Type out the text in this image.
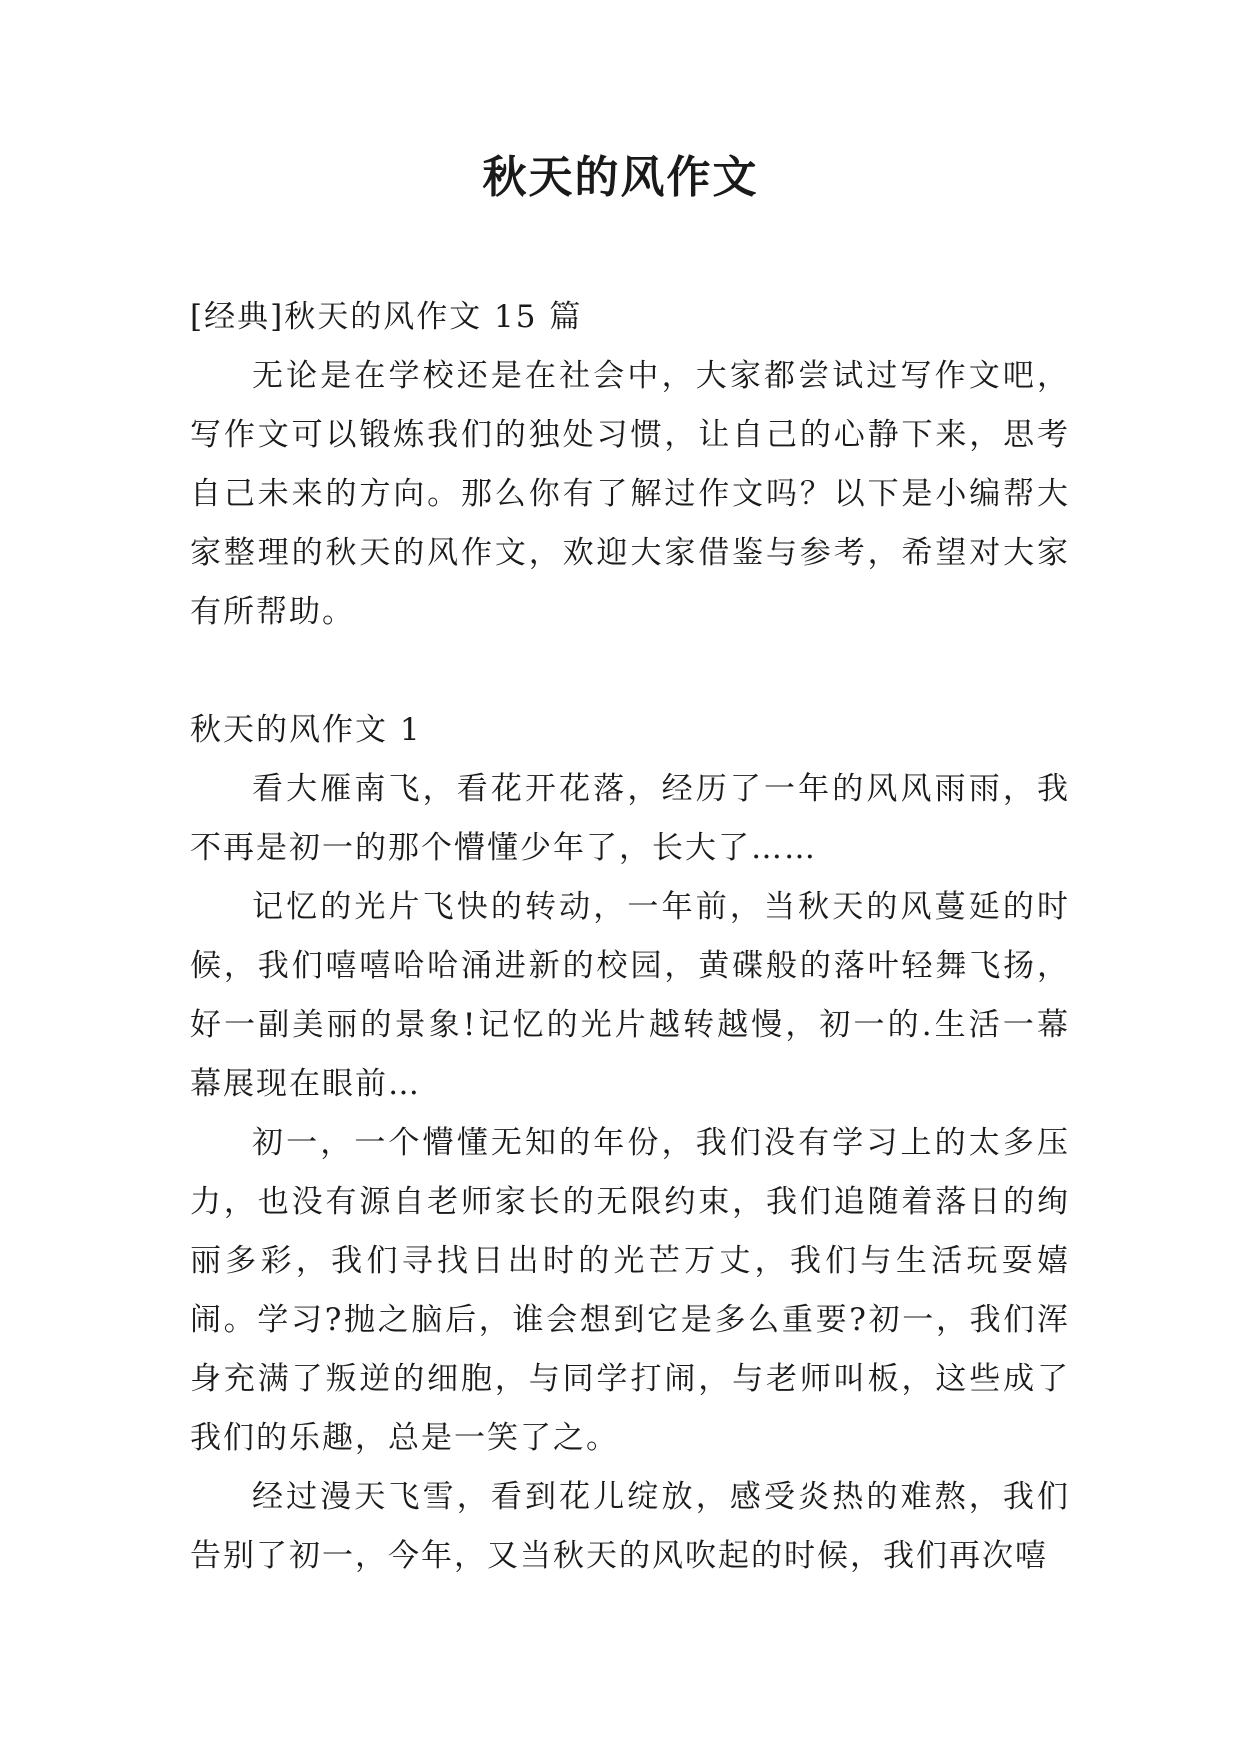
秋天的风作文

[经典]秋天的风作文 15 篇

无论是在学校还是在社会中，大家都尝试过写作文吧，写作文可以锻炼我们的独处习惯，让自己的心静下来，思考自己未来的方向。那么你有了解过作文吗？以下是小编帮大家整理的秋天的风作文，欢迎大家借鉴与参考，希望对大家有所帮助。

秋天的风作文 1

看大雁南飞，看花开花落，经历了一年的风风雨雨，我不再是初一的那个懵懂少年了，长大了……

记忆的光片飞快的转动，一年前，当秋天的风蔓延的时候，我们嘻嘻哈哈涌进新的校园，黄碟般的落叶轻舞飞扬，好一副美丽的景象!记忆的光片越转越慢，初一的.生活一幕幕展现在眼前…

初一，一个懵懂无知的年份，我们没有学习上的太多压力，也没有源自老师家长的无限约束，我们追随着落日的绚丽多彩，我们寻找日出时的光芒万丈，我们与生活玩耍嬉闹。学习?抛之脑后，谁会想到它是多么重要?初一，我们浑身充满了叛逆的细胞，与同学打闹，与老师叫板，这些成了我们的乐趣，总是一笑了之。

经过漫天飞雪，看到花儿绽放，感受炎热的难熬，我们告别了初一，今年，又当秋天的风吹起的时候，我们再次嘻
